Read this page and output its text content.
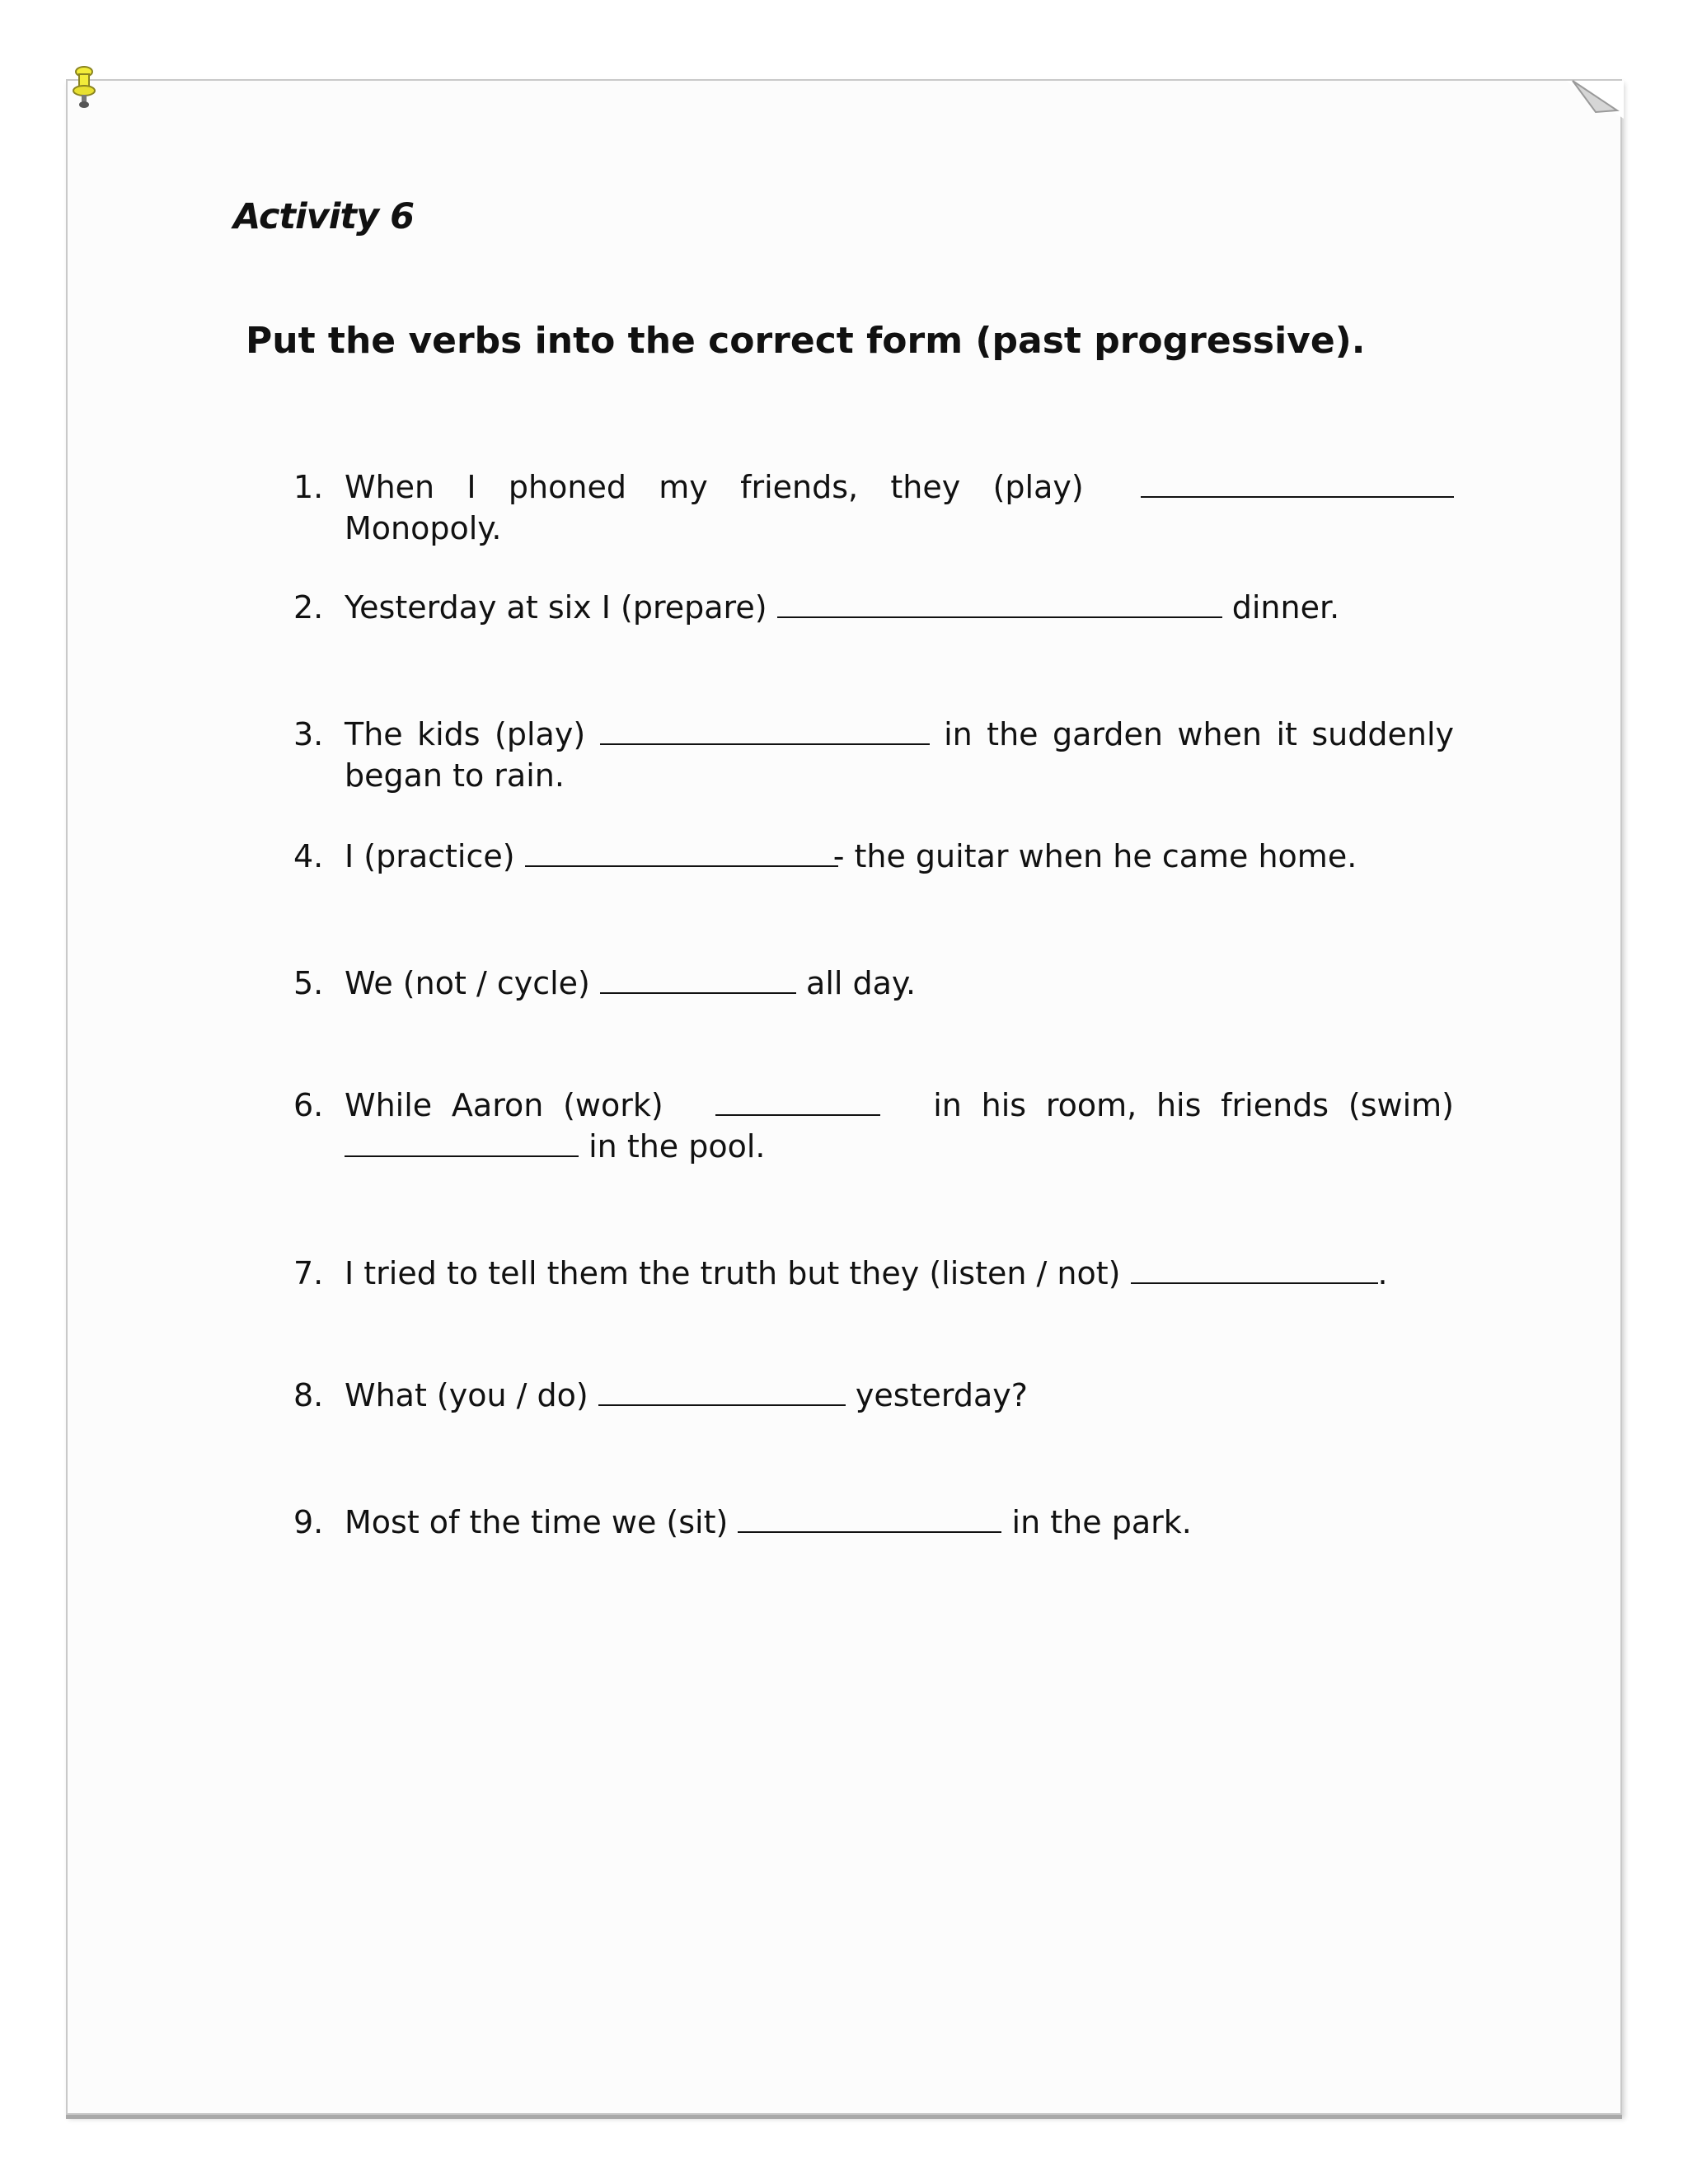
Activity 6
Put the verbs into the correct form (past progressive).
1. When I phoned my friends, they (play)  Monopoly.
2. Yesterday at six I (prepare)	dinner.
3. The kids (play)	in the garden when it suddenly began to rain.
4. I (practice)	- the guitar when he came home.
5. We (not / cycle)	all day.
6. While Aaron (work)	in his room, his friends (swim) in the pool.
7. I tried to tell them the truth but they (listen / not)	.
8. What (you / do)	yesterday?
9. Most of the time we (sit)	in the park.
